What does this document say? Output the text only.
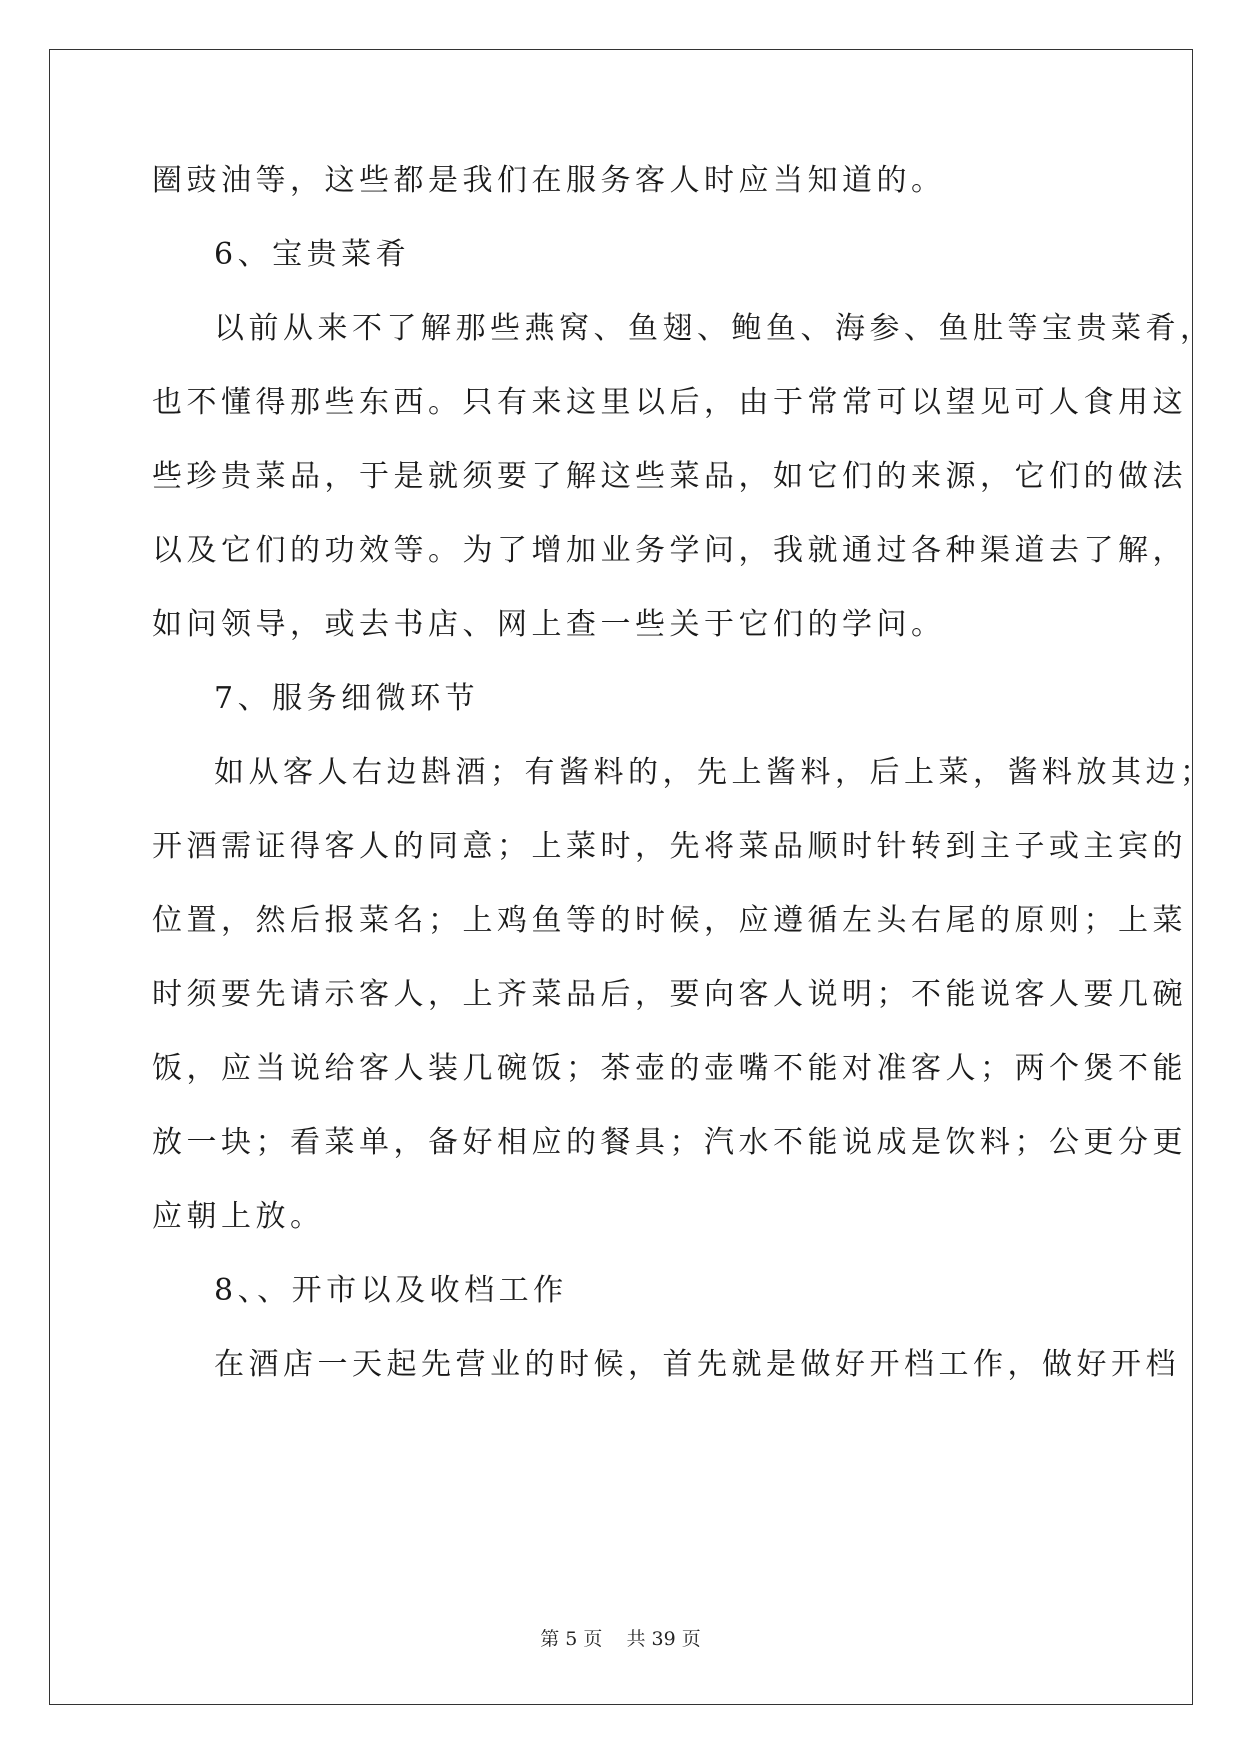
圈豉油等，这些都是我们在服务客人时应当知道的。
6、宝贵菜肴
以前从来不了解那些燕窝、鱼翅、鲍鱼、海参、鱼肚等宝贵菜肴，
也不懂得那些东西。只有来这里以后，由于常常可以望见可人食用这
些珍贵菜品，于是就须要了解这些菜品，如它们的来源，它们的做法
以及它们的功效等。为了增加业务学问，我就通过各种渠道去了解，
如问领导，或去书店、网上查一些关于它们的学问。
7、服务细微环节
如从客人右边斟酒；有酱料的，先上酱料，后上菜，酱料放其边；
开酒需证得客人的同意；上菜时，先将菜品顺时针转到主子或主宾的
位置，然后报菜名；上鸡鱼等的时候，应遵循左头右尾的原则；上菜
时须要先请示客人，上齐菜品后，要向客人说明；不能说客人要几碗
饭，应当说给客人装几碗饭；茶壶的壶嘴不能对准客人；两个煲不能
放一块；看菜单，备好相应的餐具；汽水不能说成是饮料；公更分更
应朝上放。
8、、开市以及收档工作
在酒店一天起先营业的时候，首先就是做好开档工作，做好开档
第 5 页 共 39 页
